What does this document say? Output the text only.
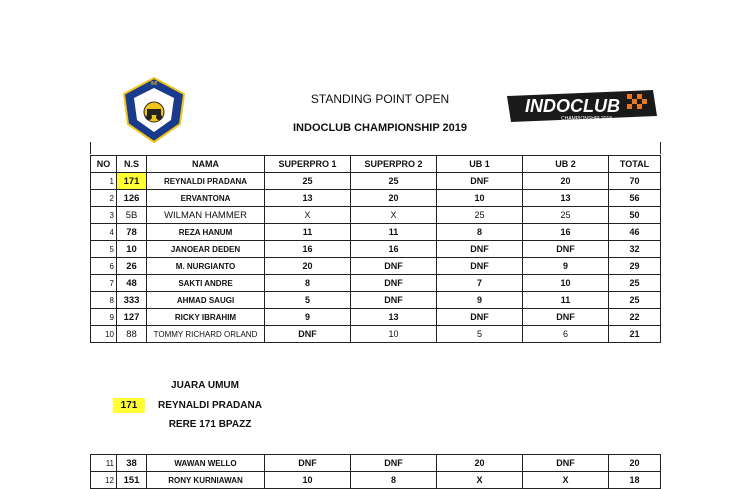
IMI
INDOCLUB
CHAMPIONSHIP 2018
STANDING POINT OPEN
INDOCLUB CHAMPIONSHIP 2019
NO	N.S	NAMA	SUPERPRO 1	SUPERPRO 2	UB 1	UB 2	TOTAL
1	171	REYNALDI PRADANA	25	25	DNF	20	70
2	126	ERVANTONA	13	20	10	13	56
3	5B	WILMAN HAMMER	X	X	25	25	50
4	78	REZA HANUM	11	11	8	16	46
5	10	JANOEAR DEDEN	16	16	DNF	DNF	32
6	26	M. NURGIANTO	20	DNF	DNF	9	29
7	48	SAKTI ANDRE	8	DNF	7	10	25
8	333	AHMAD SAUGI	5	DNF	9	11	25
9	127	RICKY IBRAHIM	9	13	DNF	DNF	22
10	88	TOMMY RICHARD ORLAND	DNF	10	5	6	21
JUARA UMUM
171	REYNALDI PRADANA
RERE 171 BPAZZ
11	38	WAWAN WELLO	DNF	DNF	20	DNF	20
12	151	RONY KURNIAWAN	10	8	X	X	18
